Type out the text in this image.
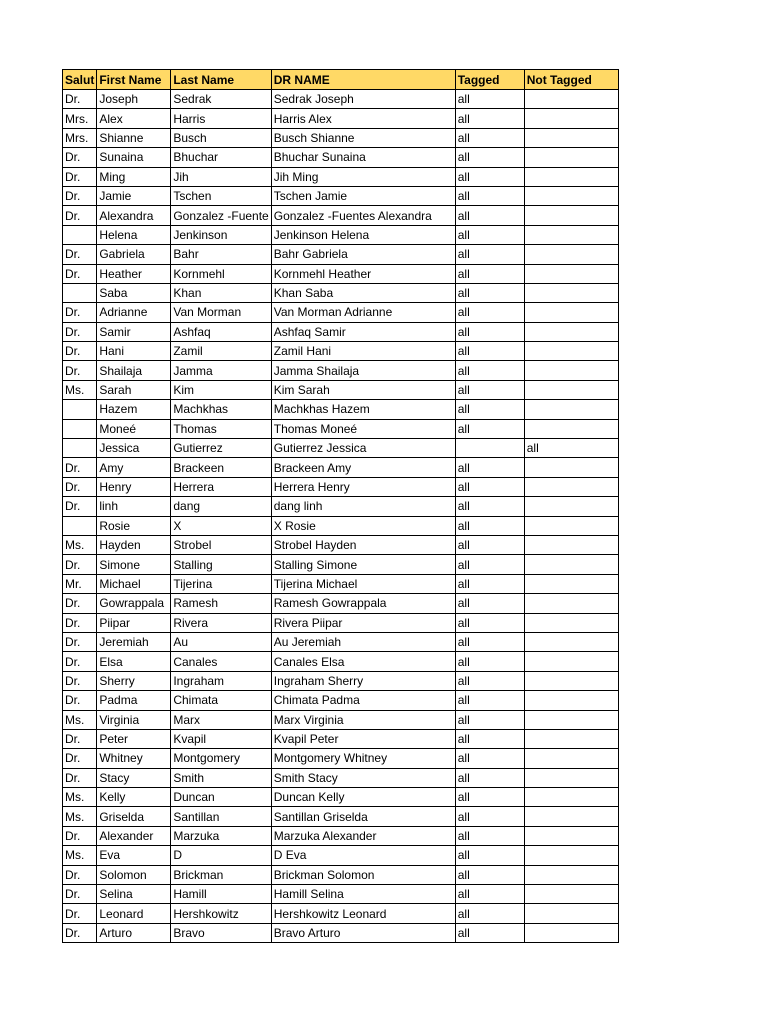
Salut	First Name	Last Name	DR NAME	Tagged	Not Tagged
Dr.	Joseph	Sedrak	Sedrak Joseph	all	
Mrs.	Alex	Harris	Harris Alex	all	
Mrs.	Shianne	Busch	Busch Shianne	all	
Dr.	Sunaina	Bhuchar	Bhuchar Sunaina	all	
Dr.	Ming	Jih	Jih Ming	all	
Dr.	Jamie	Tschen	Tschen Jamie	all	
Dr.	Alexandra	Gonzalez -Fuente	Gonzalez -Fuentes Alexandra	all	
	Helena	Jenkinson	Jenkinson Helena	all	
Dr.	Gabriela	Bahr	Bahr Gabriela	all	
Dr.	Heather	Kornmehl	Kornmehl Heather	all	
	Saba	Khan	Khan Saba	all	
Dr.	Adrianne	Van Morman	Van Morman Adrianne	all	
Dr.	Samir	Ashfaq	Ashfaq Samir	all	
Dr.	Hani	Zamil	Zamil Hani	all	
Dr.	Shailaja	Jamma	Jamma Shailaja	all	
Ms.	Sarah	Kim	Kim Sarah	all	
	Hazem	Machkhas	Machkhas Hazem	all	
	Moneé	Thomas	Thomas Moneé	all	
	Jessica	Gutierrez	Gutierrez Jessica		all
Dr.	Amy	Brackeen	Brackeen Amy	all	
Dr.	Henry	Herrera	Herrera Henry	all	
Dr.	linh	dang	dang linh	all	
	Rosie	X	X Rosie	all	
Ms.	Hayden	Strobel	Strobel Hayden	all	
Dr.	Simone	Stalling	Stalling Simone	all	
Mr.	Michael	Tijerina	Tijerina Michael	all	
Dr.	Gowrappala	Ramesh	Ramesh Gowrappala	all	
Dr.	Piipar	Rivera	Rivera Piipar	all	
Dr.	Jeremiah	Au	Au Jeremiah	all	
Dr.	Elsa	Canales	Canales Elsa	all	
Dr.	Sherry	Ingraham	Ingraham Sherry	all	
Dr.	Padma	Chimata	Chimata Padma	all	
Ms.	Virginia	Marx	Marx Virginia	all	
Dr.	Peter	Kvapil	Kvapil Peter	all	
Dr.	Whitney	Montgomery	Montgomery Whitney	all	
Dr.	Stacy	Smith	Smith Stacy	all	
Ms.	Kelly	Duncan	Duncan Kelly	all	
Ms.	Griselda	Santillan	Santillan Griselda	all	
Dr.	Alexander	Marzuka	Marzuka Alexander	all	
Ms.	Eva	D	D Eva	all	
Dr.	Solomon	Brickman	Brickman Solomon	all	
Dr.	Selina	Hamill	Hamill Selina	all	
Dr.	Leonard	Hershkowitz	Hershkowitz Leonard	all	
Dr.	Arturo	Bravo	Bravo Arturo	all	
